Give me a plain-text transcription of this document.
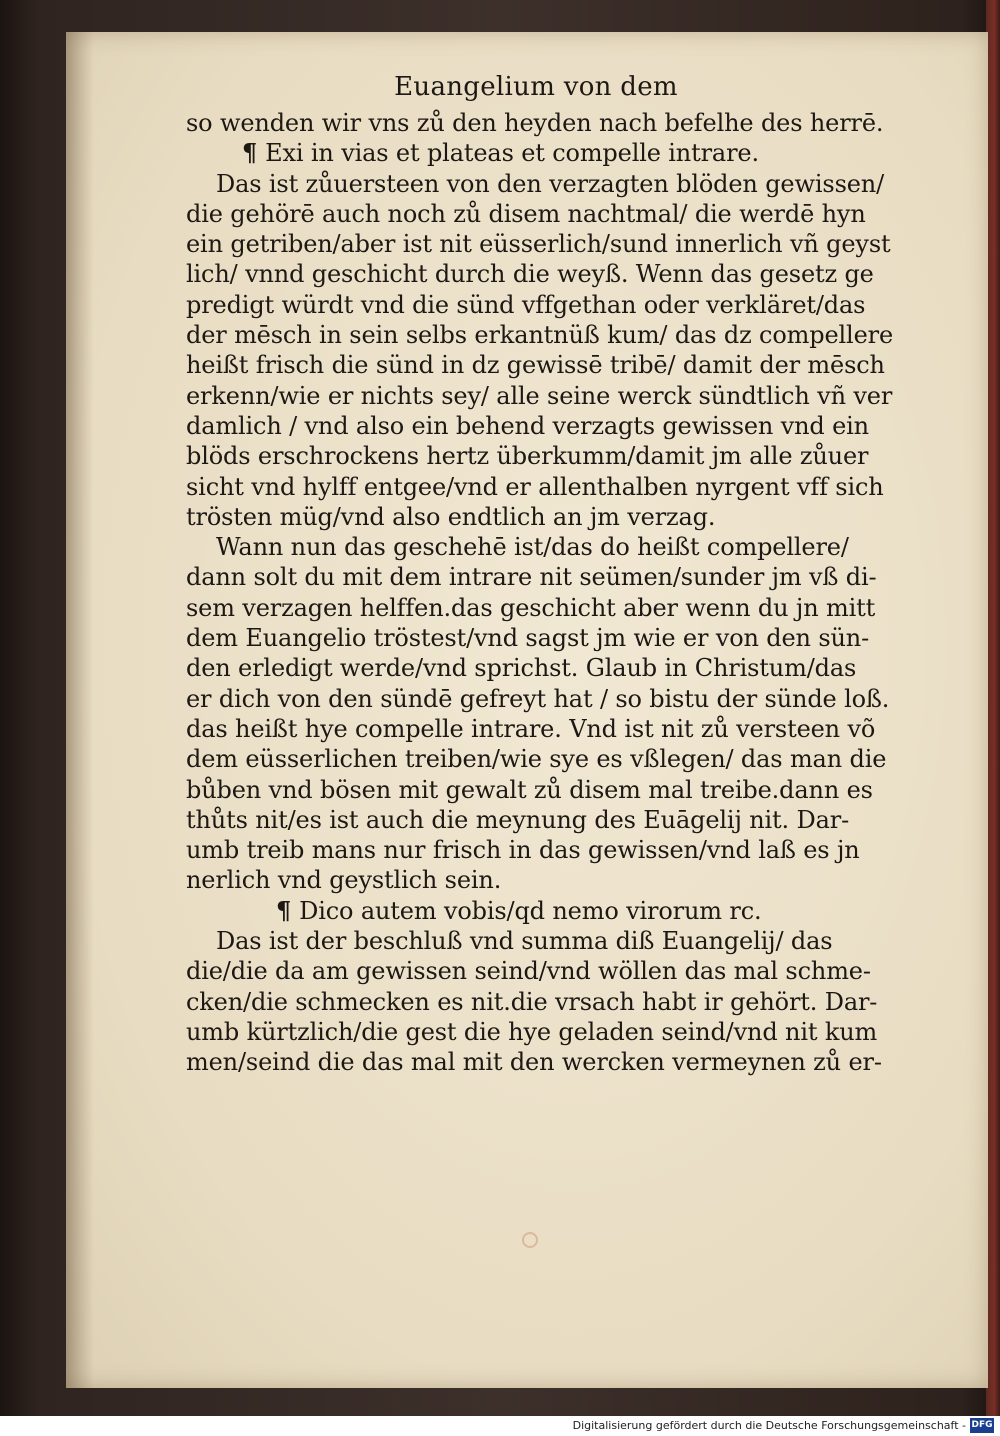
Euangelium von dem
so wenden wir vns zů den heyden nach befelhe des herrē.
¶ Exi in vias et plateas et compelle intrare.
Das ist zůuersteen von den verzagten blöden gewissen/
die gehörē auch noch zů disem nachtmal/ die werdē hyn
ein getriben/aber ist nit eüsserlich/sund innerlich vñ geyst
lich/ vnnd geschicht durch die weyß. Wenn das gesetz ge
predigt würdt vnd die sünd vffgethan oder verkläret/das
der mēsch in sein selbs erkantnüß kum/ das dz compellere
heißt frisch die sünd in dz gewissē tribē/ damit der mēsch
erkenn/wie er nichts sey/ alle seine werck sündtlich vñ ver
damlich / vnd also ein behend verzagts gewissen vnd ein
blöds erschrockens hertz überkumm/damit jm alle zůuer
sicht vnd hylff entgee/vnd er allenthalben nyrgent vff sich
trösten müg/vnd also endtlich an jm verzag.
Wann nun das geschehē ist/das do heißt compellere/
dann solt du mit dem intrare nit seümen/sunder jm vß di-
sem verzagen helffen.das geschicht aber wenn du jn mitt
dem Euangelio tröstest/vnd sagst jm wie er von den sün-
den erledigt werde/vnd sprichst. Glaub in Christum/das
er dich von den sündē gefreyt hat / so bistu der sünde loß.
das heißt hye compelle intrare. Vnd ist nit zů versteen võ
dem eüsserlichen treiben/wie sye es vßlegen/ das man die
bůben vnd bösen mit gewalt zů disem mal treibe.dann es
thůts nit/es ist auch die meynung des Euāgelij nit. Dar-
umb treib mans nur frisch in das gewissen/vnd laß es jn
nerlich vnd geystlich sein.
¶ Dico autem vobis/qd nemo virorum rc.
Das ist der beschluß vnd summa diß Euangelij/ das
die/die da am gewissen seind/vnd wöllen das mal schme-
cken/die schmecken es nit.die vrsach habt ir gehört. Dar-
umb kürtzlich/die gest die hye geladen seind/vnd nit kum
men/seind die das mal mit den wercken vermeynen zů er-
Digitalisierung gefördert durch die Deutsche Forschungsgemeinschaft - DFG
